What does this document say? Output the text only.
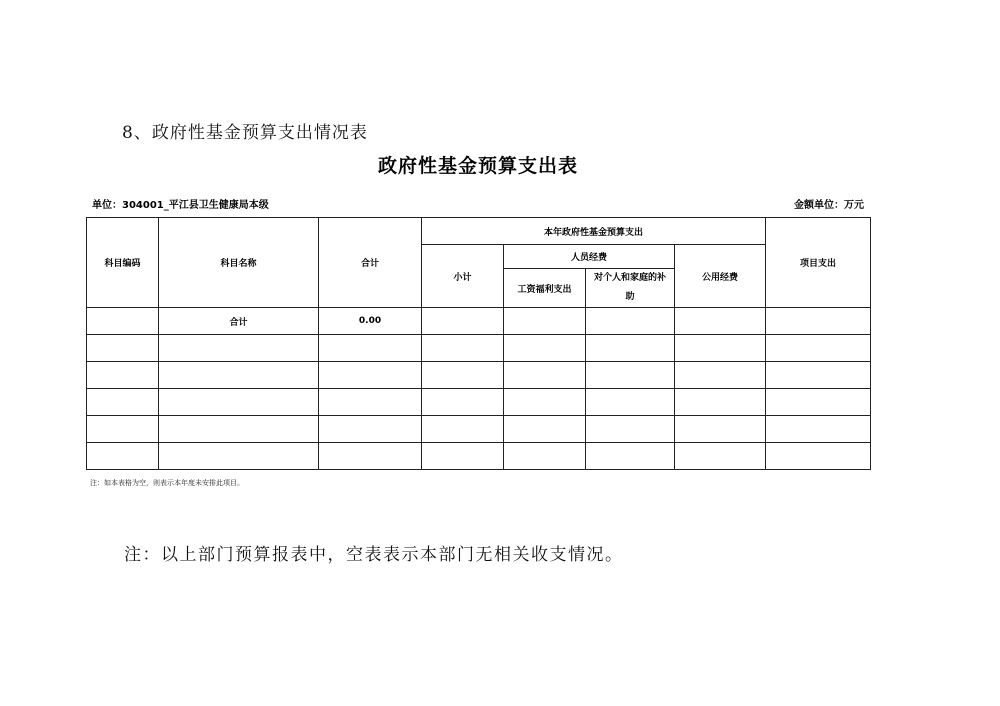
8、政府性基金预算支出情况表
政府性基金预算支出表
单位：304001_平江县卫生健康局本级	金额单位：万元
科目编码	科目名称	合计	本年政府性基金预算支出				项目支出
			小计	人员经费		公用经费	
				工资福利支出	对个人和家庭的补助		

	合计	0.00					

注：如本表格为空，则表示本年度未安排此项目。
注：以上部门预算报表中，空表表示本部门无相关收支情况。
